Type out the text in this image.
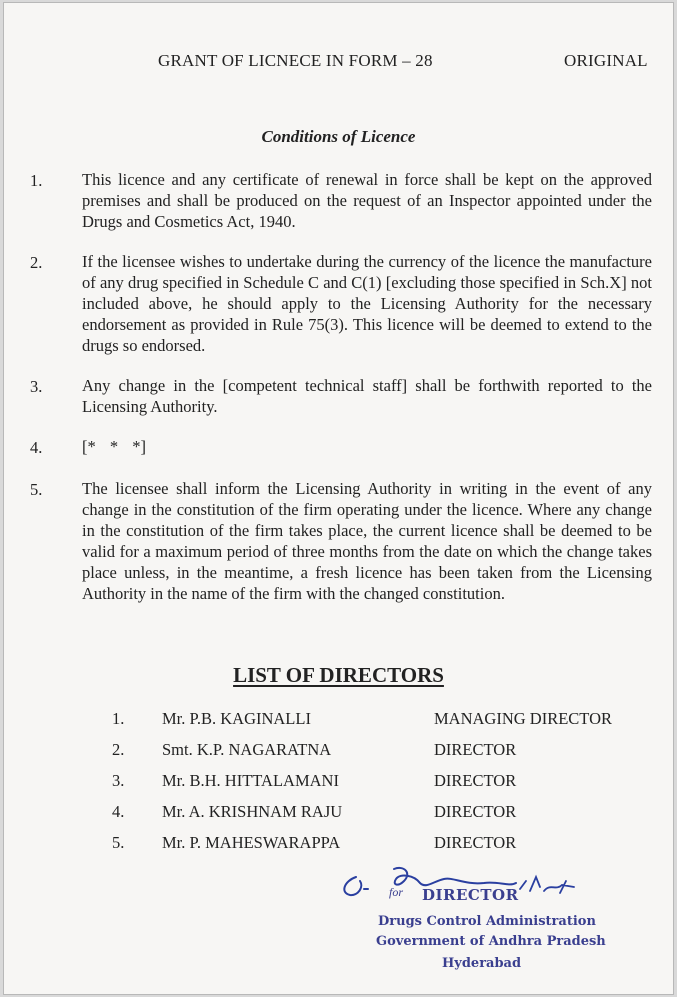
GRANT OF LICNECE IN FORM – 28	ORIGINAL
Conditions of Licence
1. This licence and any certificate of renewal in force shall be kept on the approved premises and shall be produced on the request of an Inspector appointed under the Drugs and Cosmetics Act, 1940.
2. If the licensee wishes to undertake during the currency of the licence the manufacture of any drug specified in Schedule C and C(1) [excluding those specified in Sch.X] not included above, he should apply to the Licensing Authority for the necessary endorsement as provided in Rule 75(3). This licence will be deemed to extend to the drugs so endorsed.
3. Any change in the [competent technical staff] shall be forthwith reported to the Licensing Authority.
4. [* * *]
5. The licensee shall inform the Licensing Authority in writing in the event of any change in the constitution of the firm operating under the licence. Where any change in the constitution of the firm takes place, the current licence shall be deemed to be valid for a maximum period of three months from the date on which the change takes place unless, in the meantime, a fresh licence has been taken from the Licensing Authority in the name of the firm with the changed constitution.
LIST OF DIRECTORS
1. Mr. P.B. KAGINALLI	MANAGING DIRECTOR
2. Smt. K.P. NAGARATNA	DIRECTOR
3. Mr. B.H. HITTALAMANI	DIRECTOR
4. Mr. A. KRISHNAM RAJU	DIRECTOR
5. Mr. P. MAHESWARAPPA	DIRECTOR
for DIRECTOR
Drugs Control Administration
Government of Andhra Pradesh
Hyderabad
